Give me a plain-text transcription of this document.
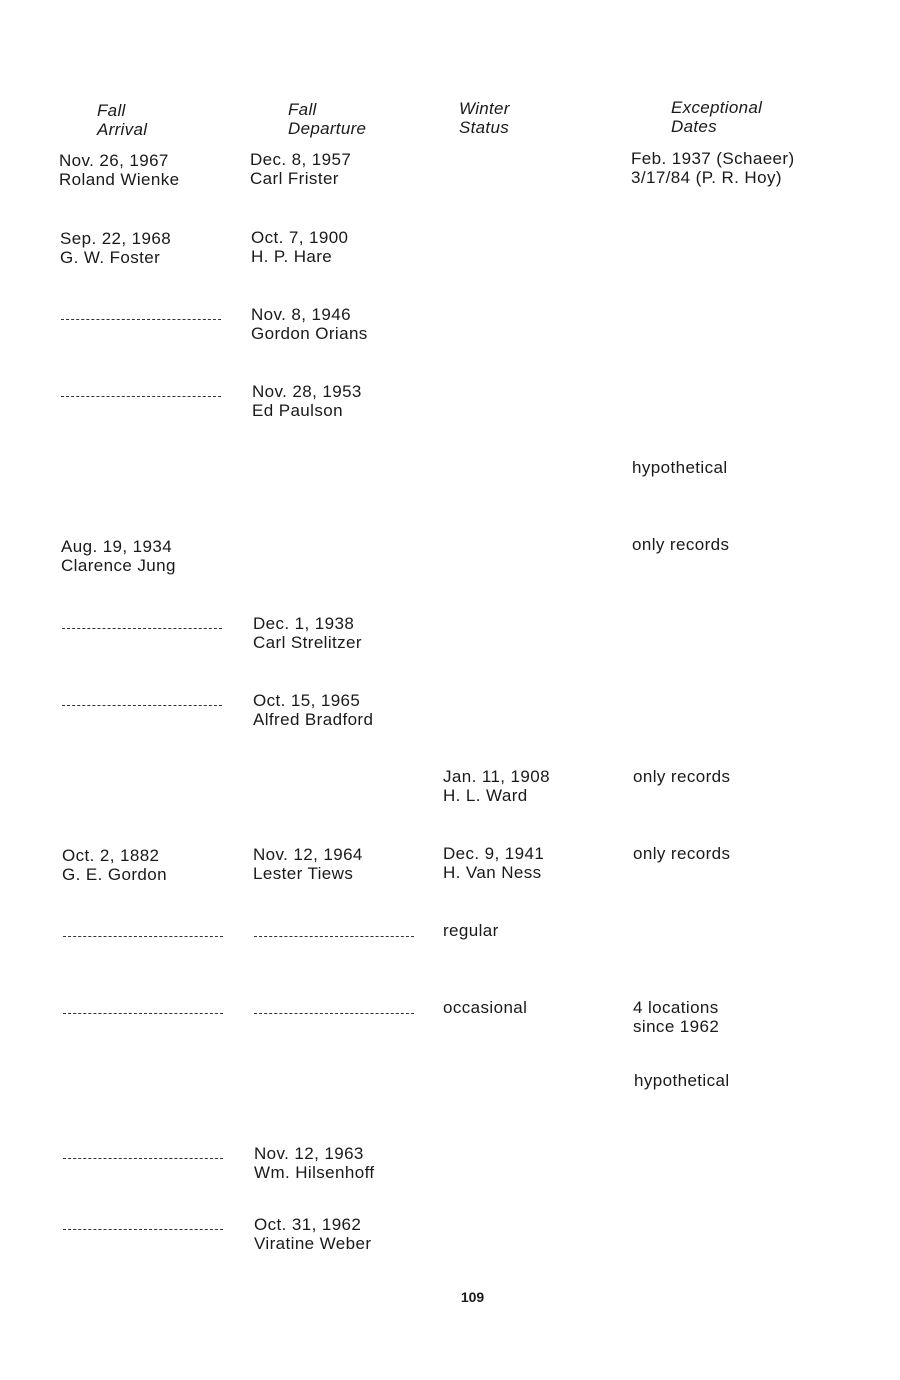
Fall
Arrival
Fall
Departure
Winter
Status
Exceptional
Dates
Nov. 26, 1967
Roland Wienke
Dec. 8, 1957
Carl Frister
Feb. 1937 (Schaeer)
3/17/84 (P. R. Hoy)
Sep. 22, 1968
G. W. Foster
Oct. 7, 1900
H. P. Hare
Nov. 8, 1946
Gordon Orians
Nov. 28, 1953
Ed Paulson
hypothetical
Aug. 19, 1934
Clarence Jung
only records
Dec. 1, 1938
Carl Strelitzer
Oct. 15, 1965
Alfred Bradford
Jan. 11, 1908
H. L. Ward
only records
Oct. 2, 1882
G. E. Gordon
Nov. 12, 1964
Lester Tiews
Dec. 9, 1941
H. Van Ness
only records
regular
occasional	4 locations
since 1962
hypothetical
Nov. 12, 1963
Wm. Hilsenhoff
Oct. 31, 1962
Viratine Weber
109
